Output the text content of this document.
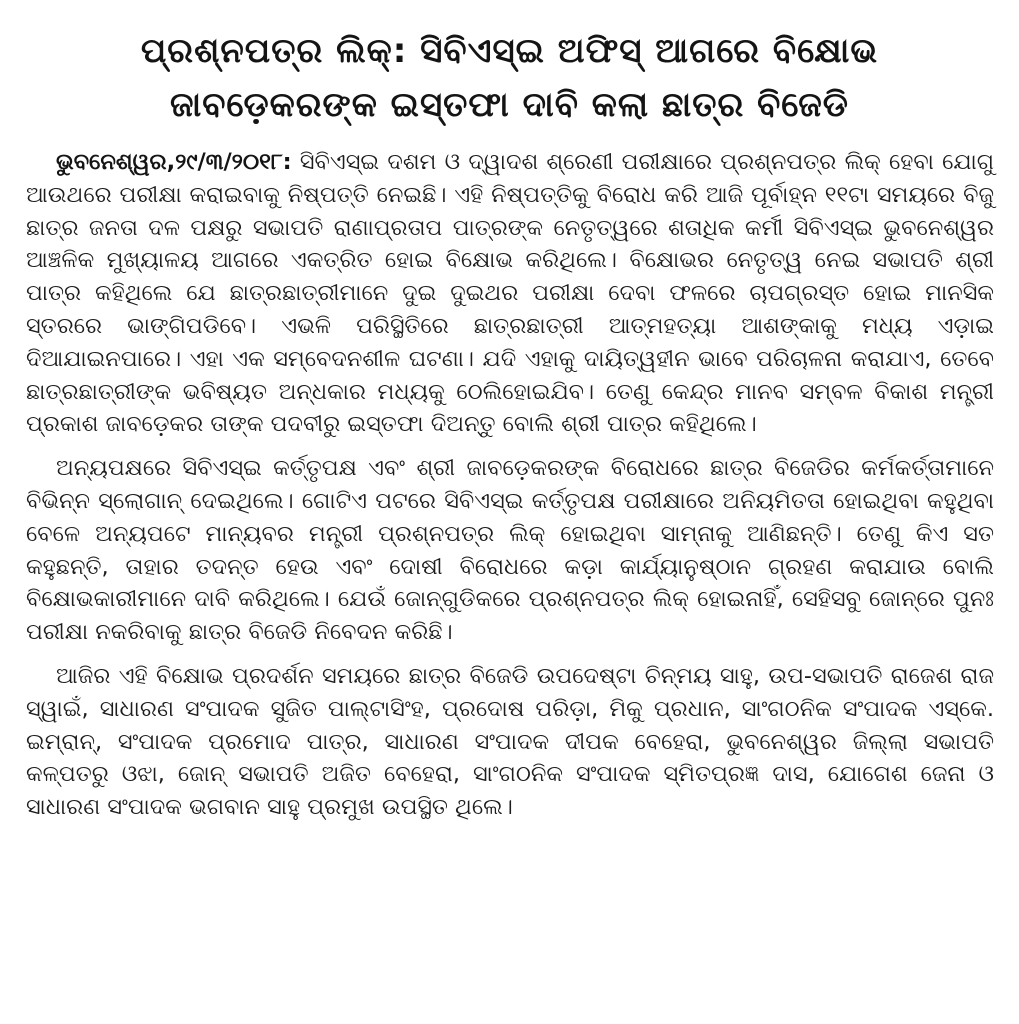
ପ୍ରଶ୍ନପତ୍ର ଲିକ୍: ସିବିଏସ୍‌ଇ ଅଫିସ୍ ଆଗରେ ବିକ୍ଷୋଭ
ଜାବଡ଼େକରଙ୍କ ଇସ୍ତଫା ଦାବି କଲା ଛାତ୍ର ବିଜେଡି

ଭୁବନେଶ୍ୱର,୨୯/୩/୨୦୧୮: ସିବିଏସ୍‌ଇ ଦଶମ ଓ ଦ୍ୱାଦଶ ଶ୍ରେଣୀ ପରୀକ୍ଷାରେ ପ୍ରଶ୍ନପତ୍ର ଲିକ୍ ହେବା ଯୋଗୁ ଆଉଥରେ ପରୀକ୍ଷା କରାଇବାକୁ ନିଷ୍ପତ୍ତି ନେଇଛି। ଏହି ନିଷ୍ପତ୍ତିକୁ ବିରୋଧ କରି ଆଜି ପୂର୍ବାହ୍ନ ୧୧ଟା ସମୟରେ ବିଜୁ ଛାତ୍ର ଜନତା ଦଳ ପକ୍ଷରୁ ସଭାପତି ରାଣାପ୍ରତାପ ପାତ୍ରଙ୍କ ନେତୃତ୍ୱରେ ଶତାଧିକ କର୍ମୀ ସିବିଏସ୍‌ଇ ଭୁବନେଶ୍ୱର ଆଞ୍ଚଳିକ ମୁଖ୍ୟାଳୟ ଆଗରେ ଏକତ୍ରିତ ହୋଇ ବିକ୍ଷୋଭ କରିଥିଲେ। ବିକ୍ଷୋଭର ନେତୃତ୍ୱ ନେଇ ସଭାପତି ଶ୍ରୀ ପାତ୍ର କହିଥିଲେ ଯେ ଛାତ୍ରଛାତ୍ରୀମାନେ ଦୁଇ ଦୁଇଥର ପରୀକ୍ଷା ଦେବା ଫଳରେ ଚାପଗ୍ରସ୍ତ ହୋଇ ମାନସିକ ସ୍ତରରେ ଭାଙ୍ଗିପଡିବେ। ଏଭଳି ପରିସ୍ଥିତିରେ ଛାତ୍ରଛାତ୍ରୀ ଆତ୍ମହତ୍ୟା ଆଶଙ୍କାକୁ ମଧ୍ୟ ଏଡ଼ାଇ ଦିଆଯାଇନପାରେ। ଏହା ଏକ ସମ୍ବେଦନଶୀଳ ଘଟଣା। ଯଦି ଏହାକୁ ଦାୟିତ୍ୱହୀନ ଭାବେ ପରିଚାଳନା କରାଯାଏ, ତେବେ ଛାତ୍ରଛାତ୍ରୀଙ୍କ ଭବିଷ୍ୟତ ଅନ୍ଧକାର ମଧ୍ୟକୁ ଠେଲିହୋଇଯିବ। ତେଣୁ କେନ୍ଦ୍ର ମାନବ ସମ୍ବଳ ବିକାଶ ମନ୍ତ୍ରୀ ପ୍ରକାଶ ଜାବଡ଼େକର ତାଙ୍କ ପଦବୀରୁ ଇସ୍ତଫା ଦିଅନ୍ତୁ ବୋଲି ଶ୍ରୀ ପାତ୍ର କହିଥିଲେ।

ଅନ୍ୟପକ୍ଷରେ ସିବିଏସ୍‌ଇ କର୍ତ୍ତୃପକ୍ଷ ଏବଂ ଶ୍ରୀ ଜାବଡ଼େକରଙ୍କ ବିରୋଧରେ ଛାତ୍ର ବିଜେଡିର କର୍ମକର୍ତ୍ତାମାନେ ବିଭିନ୍ନ ସ୍ଲୋଗାନ୍ ଦେଇଥିଲେ। ଗୋଟିଏ ପଟରେ ସିବିଏସ୍‌ଇ କର୍ତ୍ତୃପକ୍ଷ ପରୀକ୍ଷାରେ ଅନିୟମିତତା ହୋଇଥିବା କହୁଥିବା ବେଳେ ଅନ୍ୟପଟେ ମାନ୍ୟବର ମନ୍ତ୍ରୀ ପ୍ରଶ୍ନପତ୍ର ଲିକ୍ ହୋଇଥିବା ସାମ୍ନାକୁ ଆଣିଛନ୍ତି। ତେଣୁ କିଏ ସତ କହୁଛନ୍ତି, ତାହାର ତଦନ୍ତ ହେଉ ଏବଂ ଦୋଷୀ ବିରୋଧରେ କଡ଼ା କାର୍ଯ୍ୟାନୁଷ୍ଠାନ ଗ୍ରହଣ କରାଯାଉ ବୋଲି ବିକ୍ଷୋଭକାରୀମାନେ ଦାବି କରିଥିଲେ। ଯେଉଁ ଜୋନ୍‌ଗୁଡିକରେ ପ୍ରଶ୍ନପତ୍ର ଲିକ୍ ହୋଇନାହିଁ, ସେହିସବୁ ଜୋନ୍‌ରେ ପୁନଃ ପରୀକ୍ଷା ନକରିବାକୁ ଛାତ୍ର ବିଜେଡି ନିବେଦନ କରିଛି।

ଆଜିର ଏହି ବିକ୍ଷୋଭ ପ୍ରଦର୍ଶନ ସମୟରେ ଛାତ୍ର ବିଜେଡି ଉପଦେଷ୍ଟା ଚିନ୍ମୟ ସାହୁ, ଉପ-ସଭାପତି ରାଜେଶ ରାଜ ସ୍ୱାଇଁ, ସାଧାରଣ ସଂପାଦକ ସୁଜିତ ପାଲ୍‌ଟାସିଂହ, ପ୍ରଦୋଷ ପରିଡ଼ା, ମିକୁ ପ୍ରଧାନ, ସାଂଗଠନିକ ସଂପାଦକ ଏସ୍‌କେ. ଇମ୍ରାନ୍, ସଂପାଦକ ପ୍ରମୋଦ ପାତ୍ର, ସାଧାରଣ ସଂପାଦକ ଦୀପକ ବେହେରା, ଭୁବନେଶ୍ୱର ଜିଲ୍ଲା ସଭାପତି କଳ୍ପତରୁ ଓଝା, ଜୋନ୍ ସଭାପତି ଅଜିତ ବେହେରା, ସାଂଗଠନିକ ସଂପାଦକ ସ୍ମିତପ୍ରଜ୍ଞ ଦାସ, ଯୋଗେଶ ଜେନା ଓ ସାଧାରଣ ସଂପାଦକ ଭଗବାନ ସାହୁ ପ୍ରମୁଖ ଉପସ୍ଥିତ ଥିଲେ।
